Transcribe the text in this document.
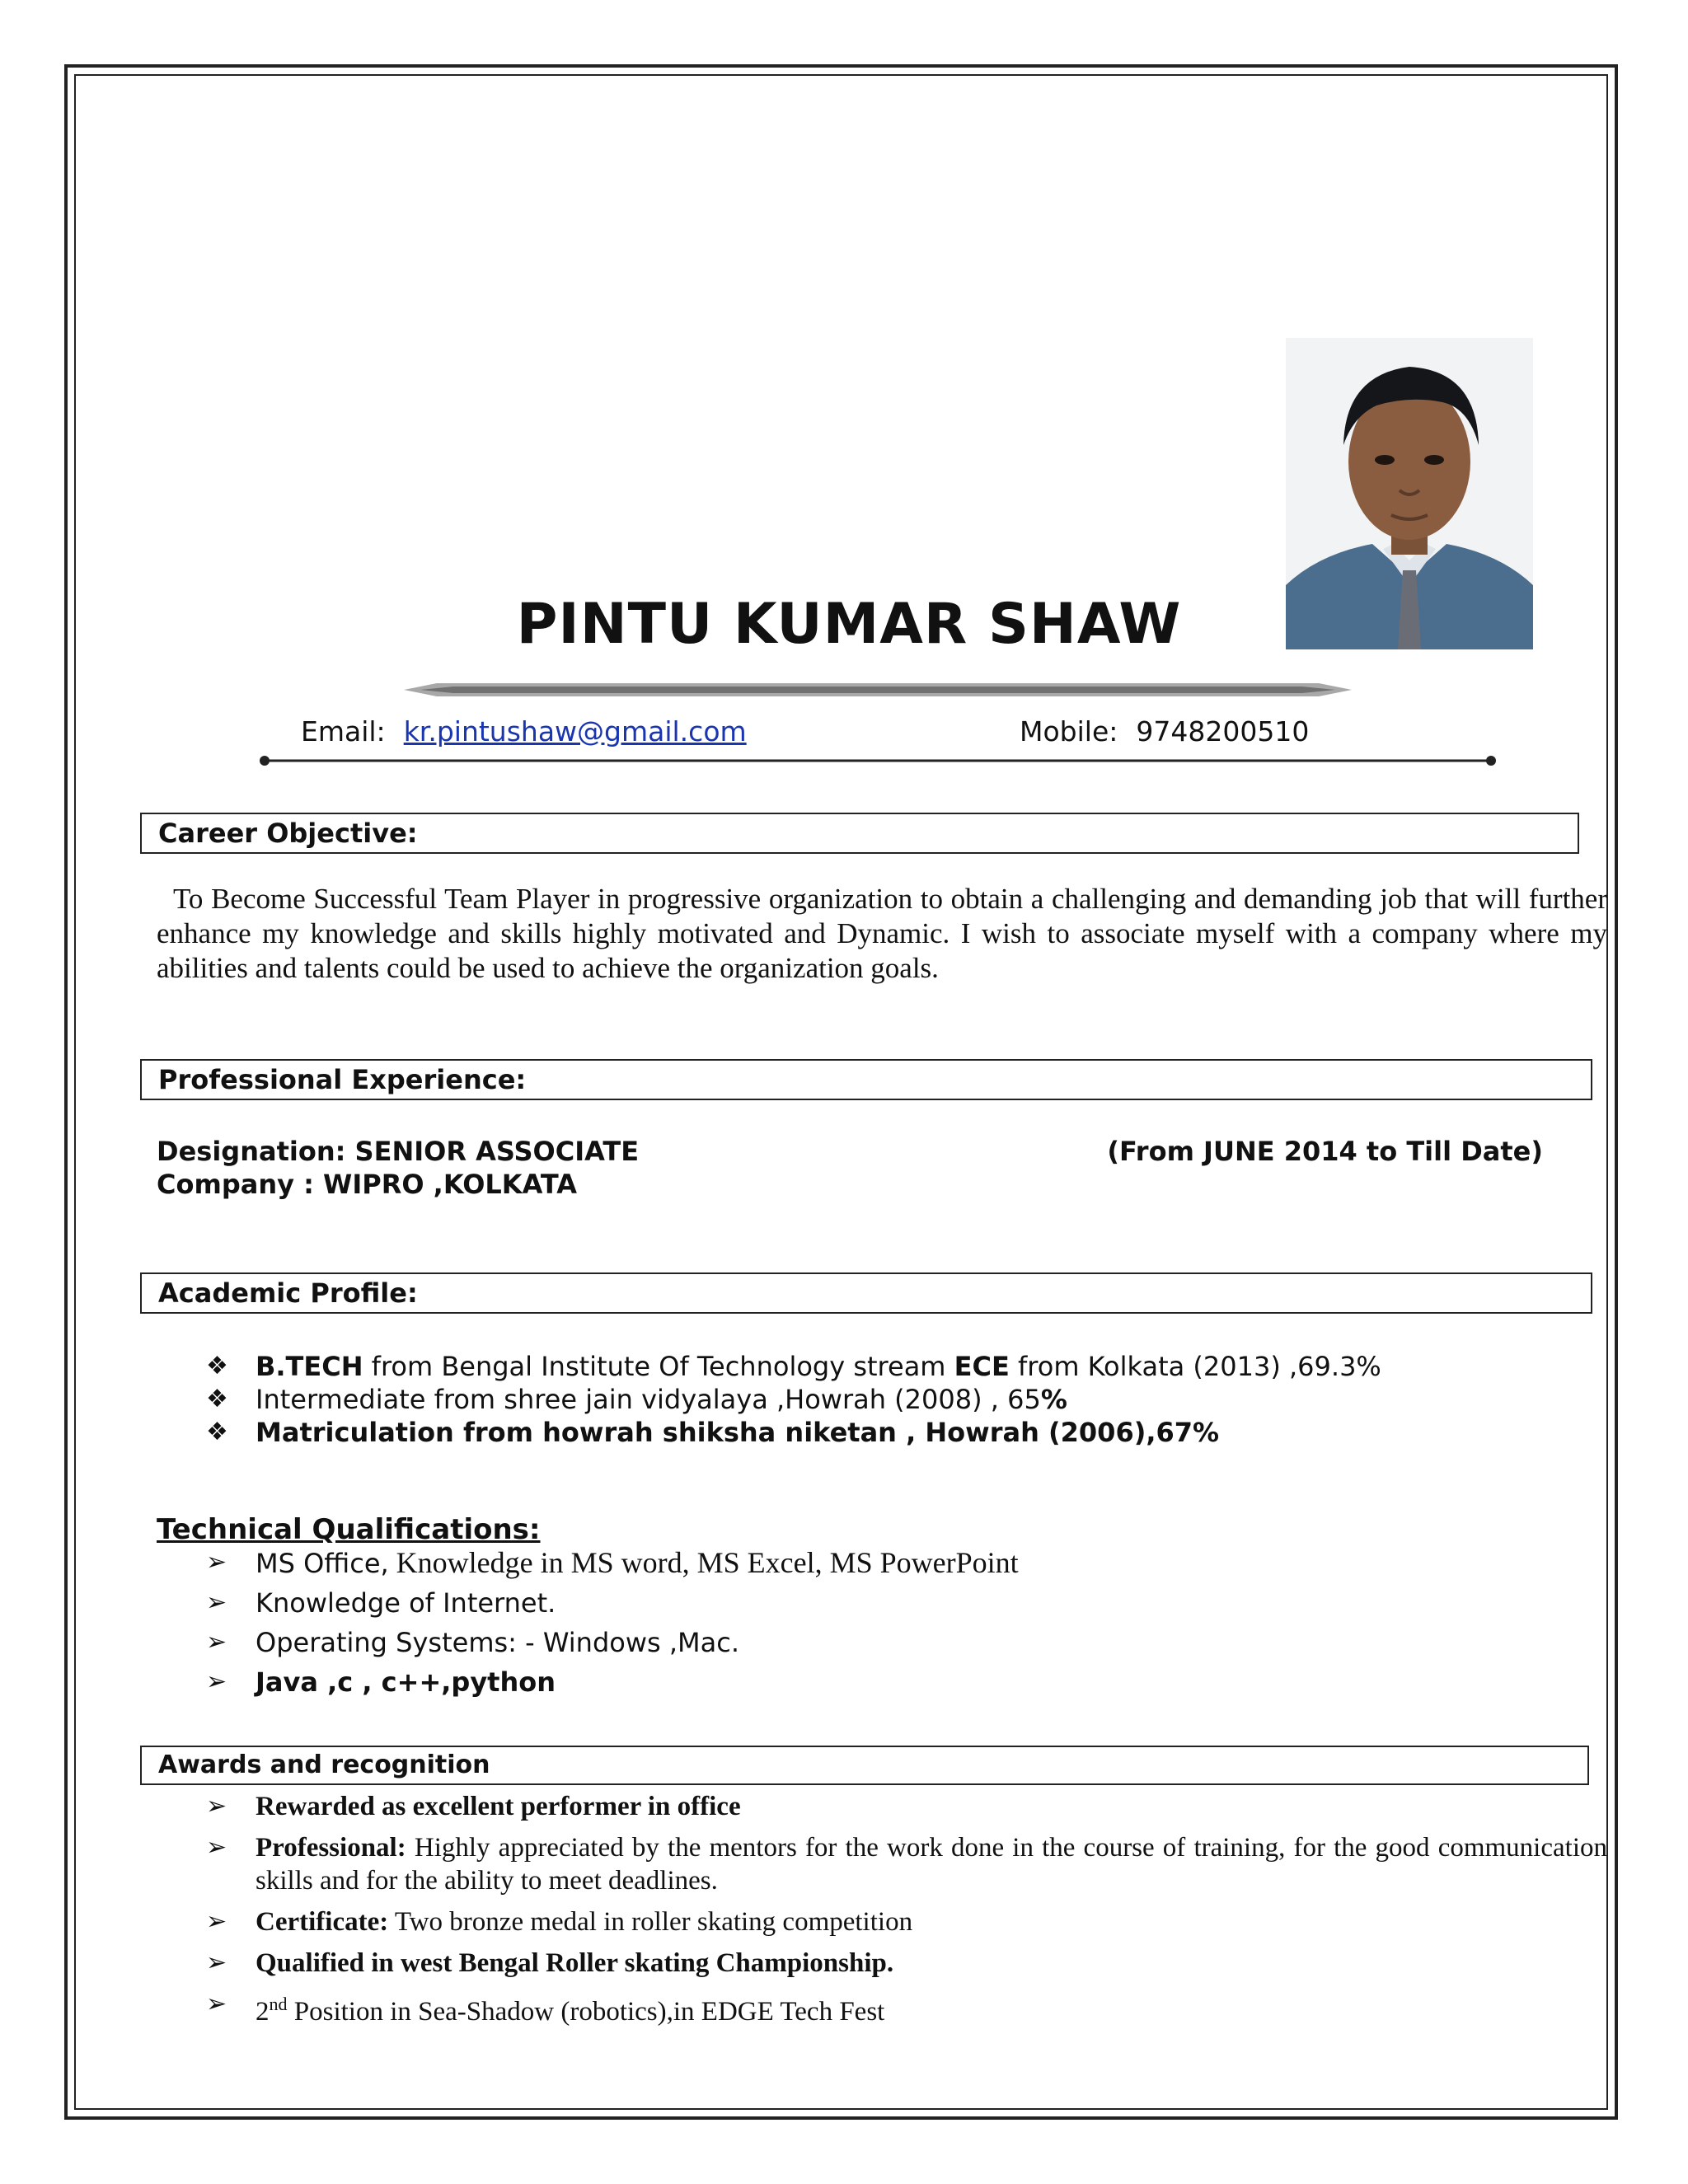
PINTU KUMAR SHAW
Email: kr.pintushaw@gmail.com	Mobile: 9748200510
Career Objective:
To Become Successful Team Player in progressive organization to obtain a challenging and demanding job that will further enhance my knowledge and skills highly motivated and Dynamic. I wish to associate myself with a company where my abilities and talents could be used to achieve the organization goals.
Professional Experience:
Designation: SENIOR ASSOCIATE	(From JUNE 2014 to Till Date)
Company : WIPRO ,KOLKATA
Academic Profile:
❖ B.TECH from Bengal Institute Of Technology stream ECE from Kolkata (2013) ,69.3%
❖ Intermediate from shree jain vidyalaya ,Howrah (2008) , 65%
❖ Matriculation from howrah shiksha niketan , Howrah (2006),67%
Technical Qualifications:
➢ MS Office, Knowledge in MS word, MS Excel, MS PowerPoint
➢ Knowledge of Internet.
➢ Operating Systems: - Windows ,Mac.
➢ Java ,c , c++,python
Awards and recognition
➢ Rewarded as excellent performer in office
➢ Professional: Highly appreciated by the mentors for the work done in the course of training, for the good communication skills and for the ability to meet deadlines.
➢ Certificate: Two bronze medal in roller skating competition
➢ Qualified in west Bengal Roller skating Championship.
➢ 2nd Position in Sea-Shadow (robotics),in EDGE Tech Fest
